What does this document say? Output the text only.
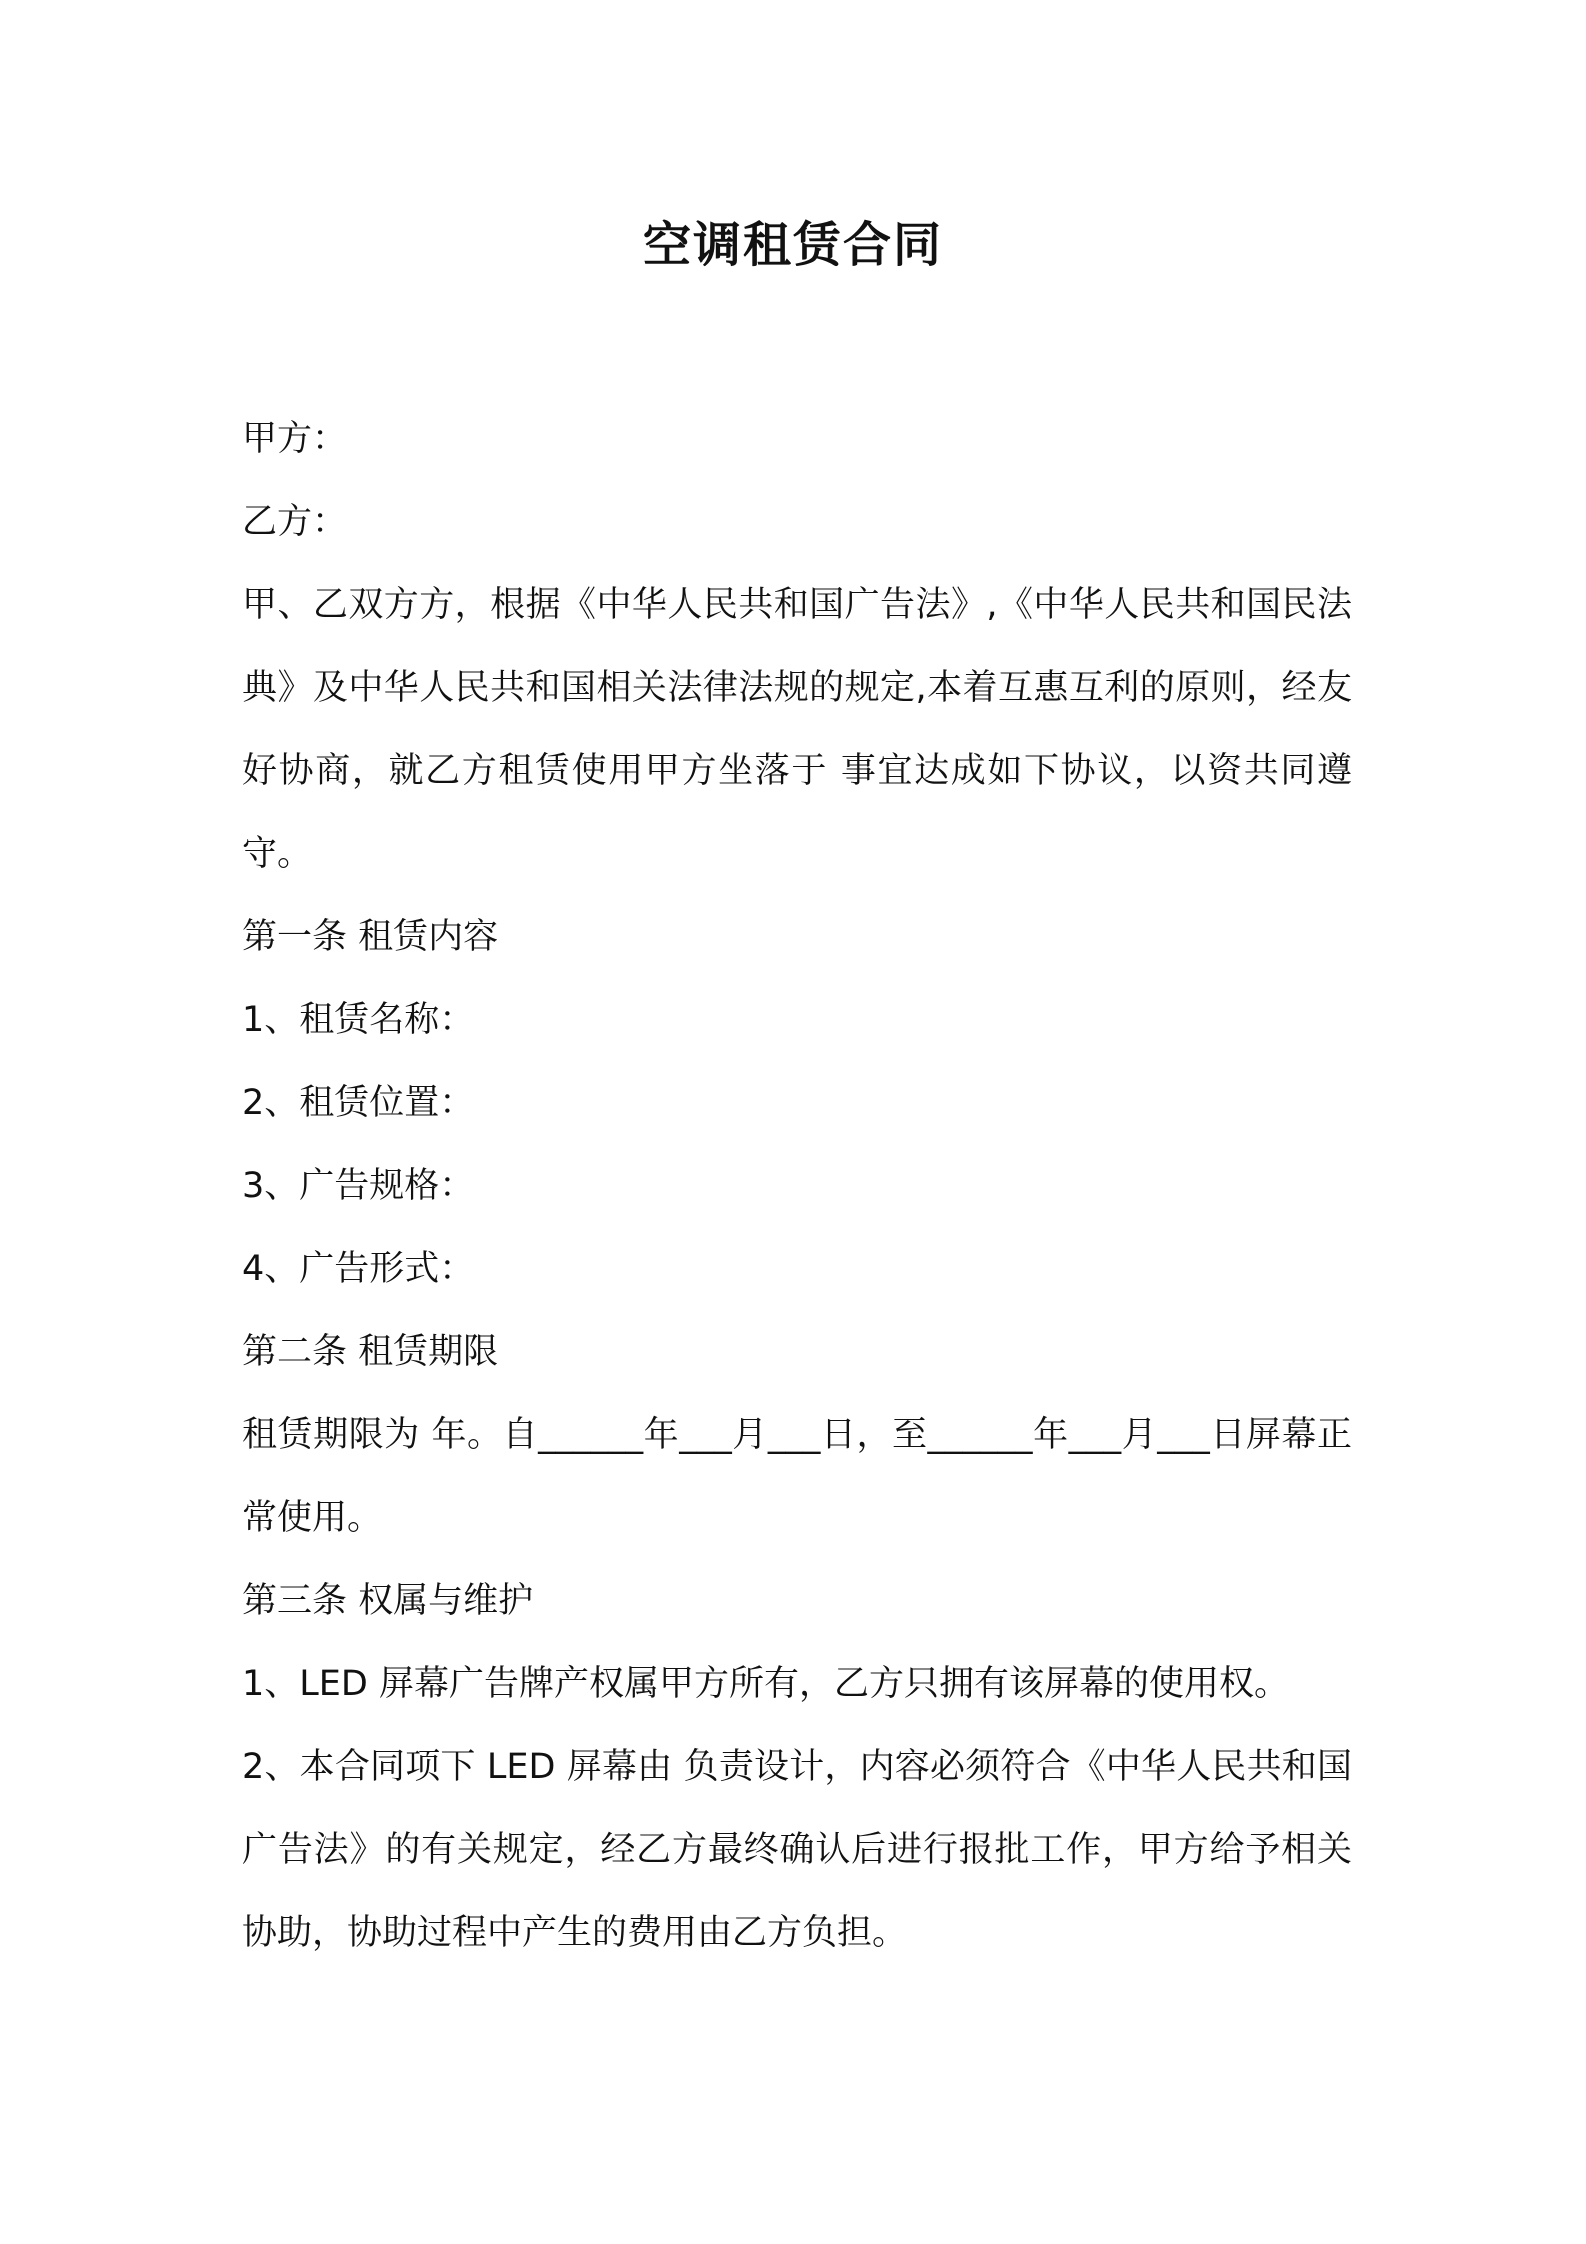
空调租赁合同
甲方：
乙方：
甲、乙双方方，根据《中华人民共和国广告法》,《中华人民共和国民法典》及中华人民共和国相关法律法规的规定,本着互惠互利的原则，经友好协商，就乙方租赁使用甲方坐落于 事宜达成如下协议，以资共同遵守。
第一条 租赁内容
1、租赁名称：
2、租赁位置：
3、广告规格：
4、广告形式：
第二条 租赁期限
租赁期限为 年。自______年___月___日，至______年___月___日屏幕正常使用。
第三条 权属与维护
1、LED 屏幕广告牌产权属甲方所有，乙方只拥有该屏幕的使用权。
2、本合同项下 LED 屏幕由 负责设计，内容必须符合《中华人民共和国广告法》的有关规定，经乙方最终确认后进行报批工作，甲方给予相关协助，协助过程中产生的费用由乙方负担。
